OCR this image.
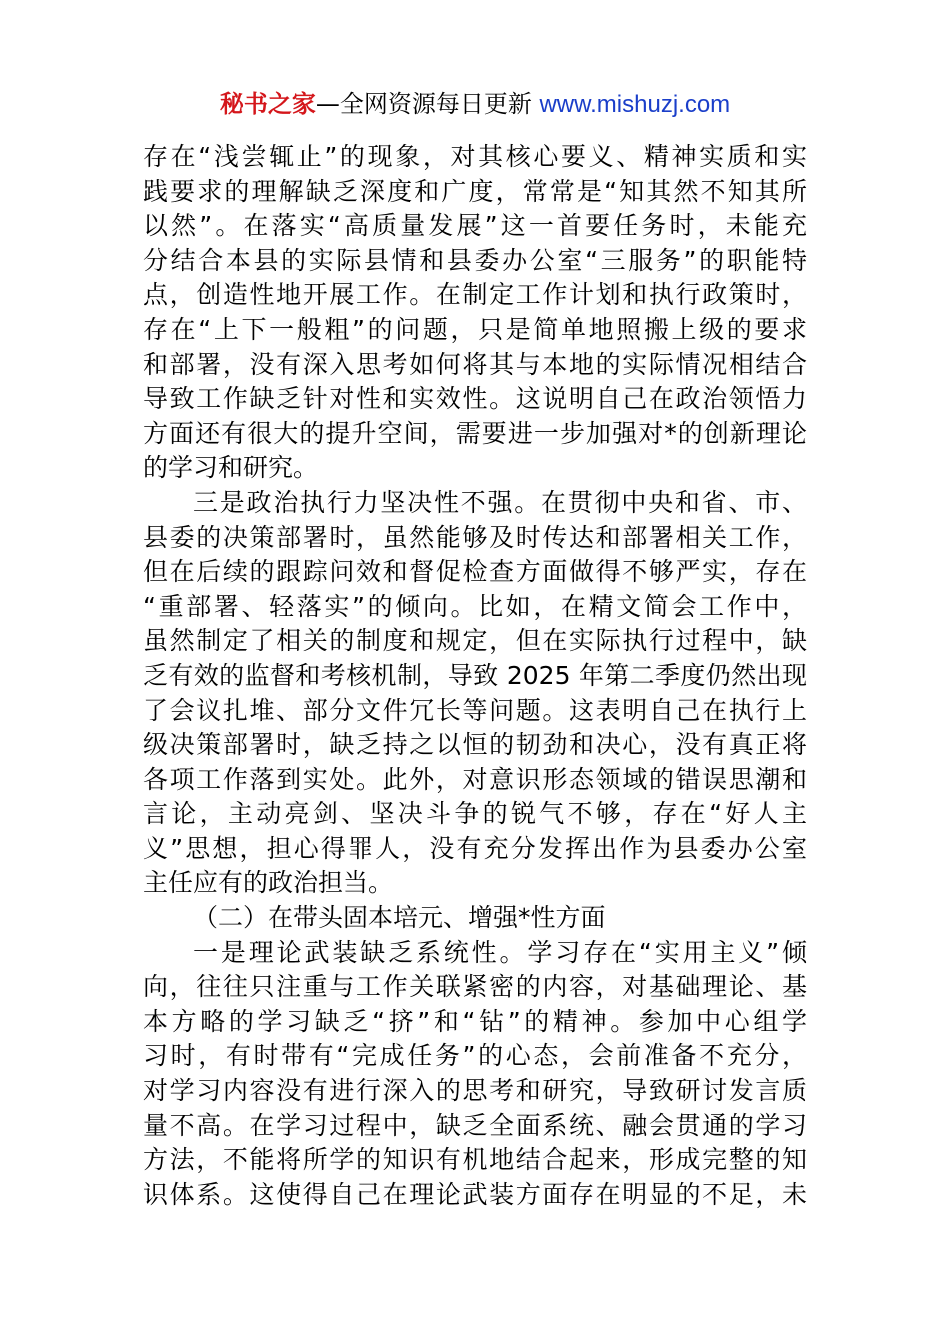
秘书之家—全网资源每日更新 www.mishuzj.com
存在“浅尝辄止”的现象，对其核心要义、精神实质和实
践要求的理解缺乏深度和广度，常常是“知其然不知其所
以然”。在落实“高质量发展”这一首要任务时，未能充
分结合本县的实际县情和县委办公室“三服务”的职能特
点，创造性地开展工作。在制定工作计划和执行政策时，
存在“上下一般粗”的问题，只是简单地照搬上级的要求
和部署，没有深入思考如何将其与本地的实际情况相结合
导致工作缺乏针对性和实效性。这说明自己在政治领悟力
方面还有很大的提升空间，需要进一步加强对*的创新理论
的学习和研究。
三是政治执行力坚决性不强。在贯彻中央和省、市、
县委的决策部署时，虽然能够及时传达和部署相关工作，
但在后续的跟踪问效和督促检查方面做得不够严实，存在
“重部署、轻落实”的倾向。比如，在精文简会工作中，
虽然制定了相关的制度和规定，但在实际执行过程中，缺
乏有效的监督和考核机制，导致 2025 年第二季度仍然出现
了会议扎堆、部分文件冗长等问题。这表明自己在执行上
级决策部署时，缺乏持之以恒的韧劲和决心，没有真正将
各项工作落到实处。此外，对意识形态领域的错误思潮和
言论，主动亮剑、坚决斗争的锐气不够，存在“好人主
义”思想，担心得罪人，没有充分发挥出作为县委办公室
主任应有的政治担当。
（二）在带头固本培元、增强*性方面
一是理论武装缺乏系统性。学习存在“实用主义”倾
向，往往只注重与工作关联紧密的内容，对基础理论、基
本方略的学习缺乏“挤”和“钻”的精神。参加中心组学
习时，有时带有“完成任务”的心态，会前准备不充分，
对学习内容没有进行深入的思考和研究，导致研讨发言质
量不高。在学习过程中，缺乏全面系统、融会贯通的学习
方法，不能将所学的知识有机地结合起来，形成完整的知
识体系。这使得自己在理论武装方面存在明显的不足，未
